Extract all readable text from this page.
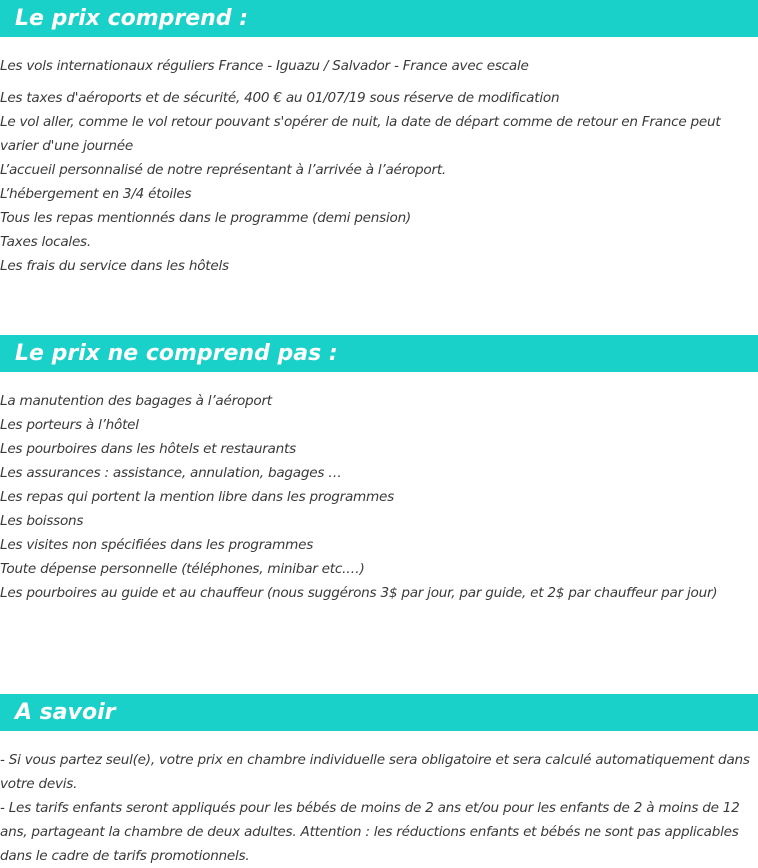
Le prix comprend :
Les vols internationaux réguliers France - Iguazu / Salvador - France avec escale
Les taxes d'aéroports et de sécurité, 400 € au 01/07/19 sous réserve de modification
Le vol aller, comme le vol retour pouvant s'opérer de nuit, la date de départ comme de retour en France peut varier d'une journée
L’accueil personnalisé de notre représentant à l’arrivée à l’aéroport.
L’hébergement en 3/4 étoiles
Tous les repas mentionnés dans le programme (demi pension)
Taxes locales.
Les frais du service dans les hôtels
Le prix ne comprend pas :
La manutention des bagages à l’aéroport
Les porteurs à l’hôtel
Les pourboires dans les hôtels et restaurants
Les assurances : assistance, annulation, bagages …
Les repas qui portent la mention libre dans les programmes
Les boissons
Les visites non spécifiées dans les programmes
Toute dépense personnelle (téléphones, minibar etc.…)
Les pourboires au guide et au chauffeur (nous suggérons 3$ par jour, par guide, et 2$ par chauffeur par jour)
A savoir
- Si vous partez seul(e), votre prix en chambre individuelle sera obligatoire et sera calculé automatiquement dans votre devis.
- Les tarifs enfants seront appliqués pour les bébés de moins de 2 ans et/ou pour les enfants de 2 à moins de 12 ans, partageant la chambre de deux adultes. Attention : les réductions enfants et bébés ne sont pas applicables dans le cadre de tarifs promotionnels.
